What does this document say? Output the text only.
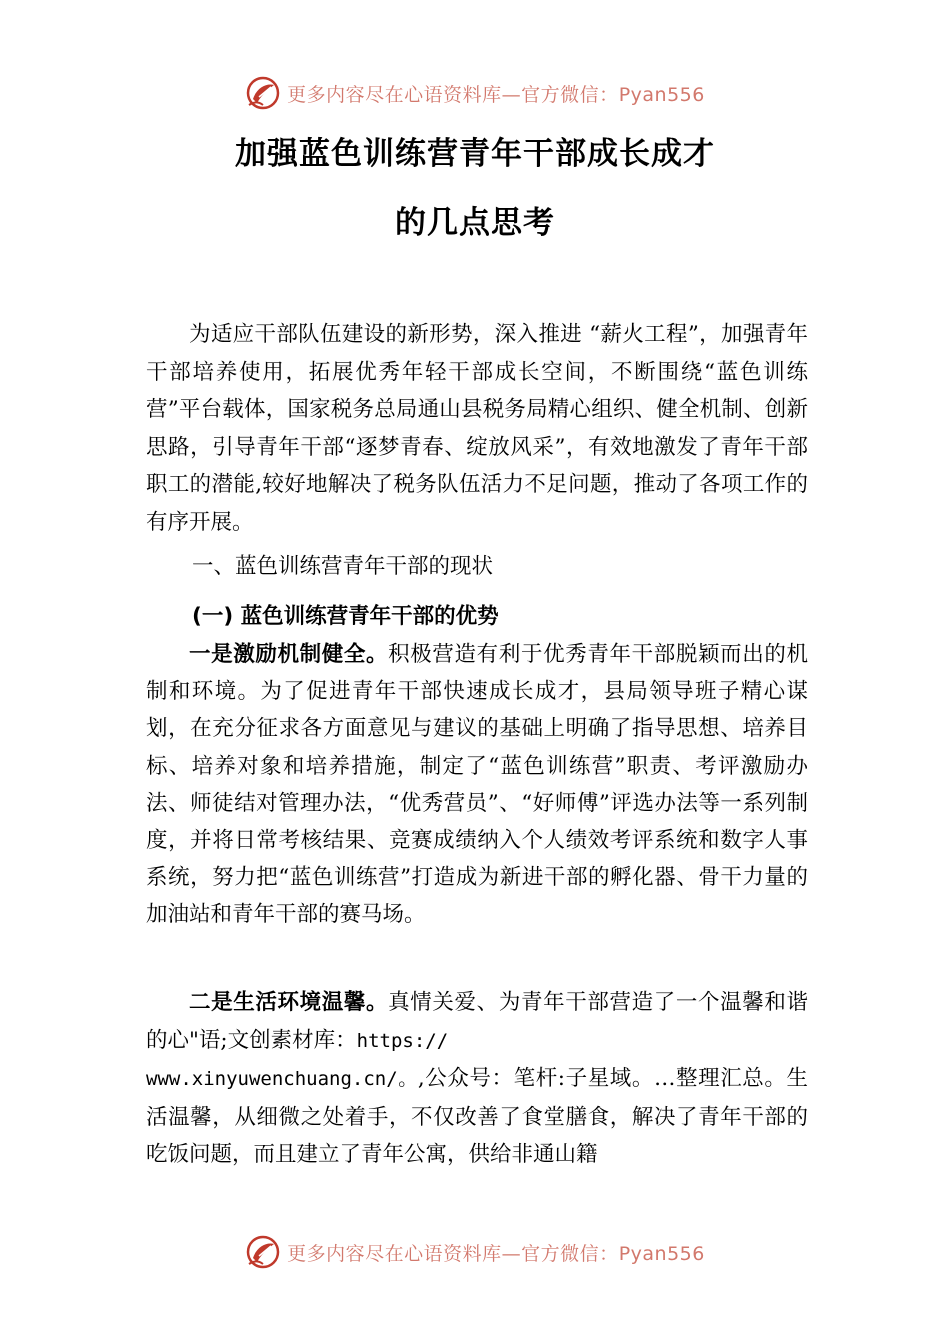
更多内容尽在心语资料库—官方微信：Pyan556
加强蓝色训练营青年干部成长成才
的几点思考
为适应干部队伍建设的新形势，深入推进 “薪火工程”，加强青年干部培养使用，拓展优秀年轻干部成长空间，不断围绕“蓝色训练营”平台载体，国家税务总局通山县税务局精心组织、健全机制、创新思路，引导青年干部“逐梦青春、绽放风采”，有效地激发了青年干部职工的潜能,较好地解决了税务队伍活力不足问题，推动了各项工作的有序开展。
一、蓝色训练营青年干部的现状
(一) 蓝色训练营青年干部的优势
一是激励机制健全。积极营造有利于优秀青年干部脱颖而出的机制和环境。为了促进青年干部快速成长成才，县局领导班子精心谋划，在充分征求各方面意见与建议的基础上明确了指导思想、培养目标、培养对象和培养措施，制定了“蓝色训练营”职责、考评激励办法、师徒结对管理办法，“优秀营员”、“好师傅”评选办法等一系列制度，并将日常考核结果、竞赛成绩纳入个人绩效考评系统和数字人事系统，努力把“蓝色训练营”打造成为新进干部的孵化器、骨干力量的加油站和青年干部的赛马场。
二是生活环境温馨。真情关爱、为青年干部营造了一个温馨和谐的心"语;文创素材库：https://
www.xinyuwenchuang.cn/。,公众号：笔杆:子星域。…整理汇总。生活温馨，从细微之处着手，不仅改善了食堂膳食，解决了青年干部的吃饭问题，而且建立了青年公寓，供给非通山籍
更多内容尽在心语资料库—官方微信：Pyan556
